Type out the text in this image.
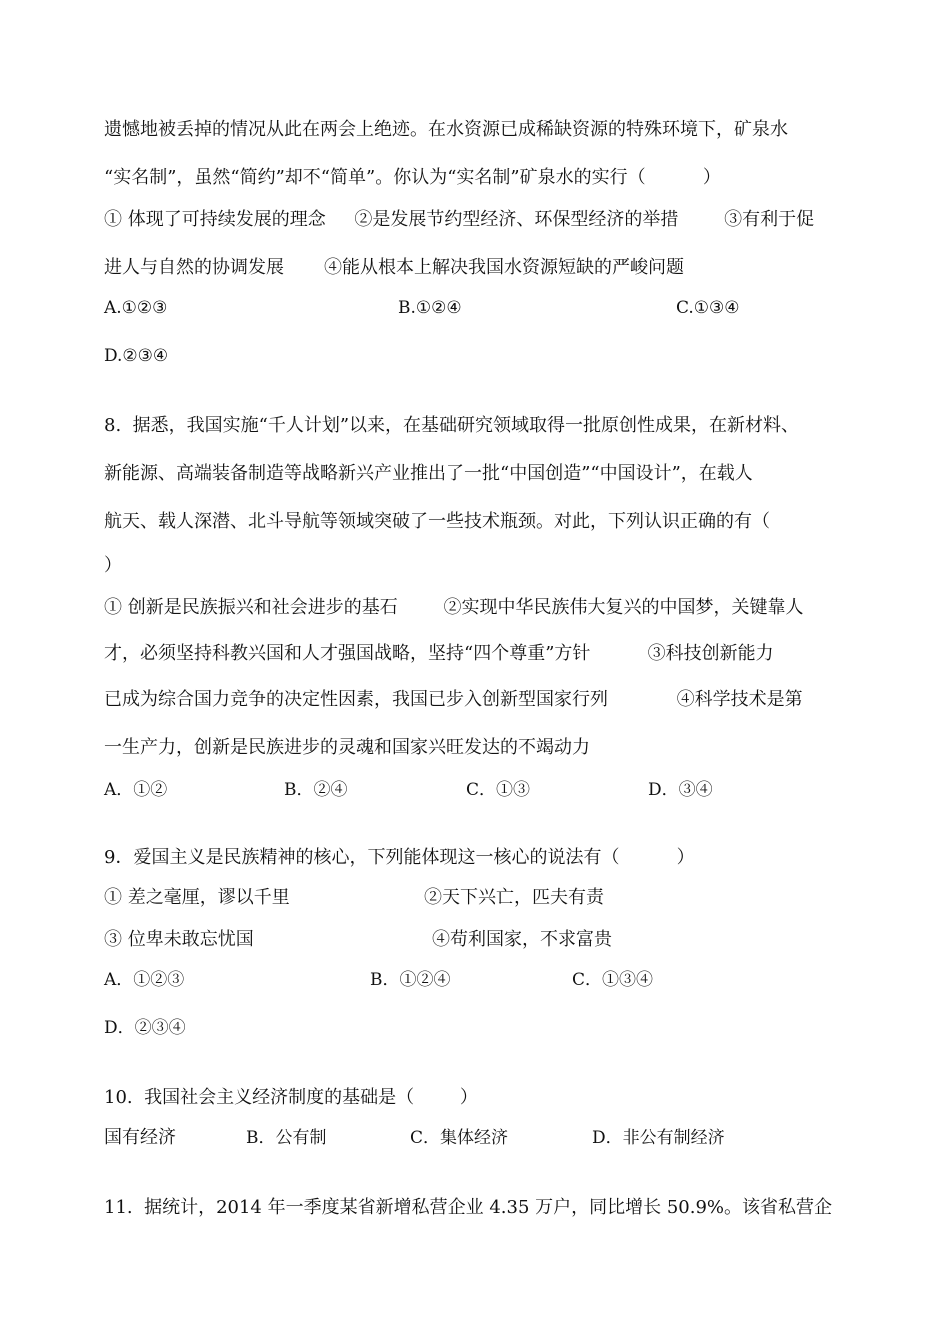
遗憾地被丢掉的情况从此在两会上绝迹。在水资源已成稀缺资源的特殊环境下，矿泉水
“实名制”，虽然“简约”却不“简单”。你认为“实名制”矿泉水的实行（          ）
① 体现了可持续发展的理念     ②是发展节约型经济、环保型经济的举措        ③有利于促
进人与自然的协调发展       ④能从根本上解决我国水资源短缺的严峻问题
A.①②③	B.①②④	C.①③④
D.②③④
8.  据悉，我国实施“千人计划”以来，在基础研究领域取得一批原创性成果，在新材料、
新能源、高端装备制造等战略新兴产业推出了一批“中国创造”“中国设计”，在载人
航天、载人深潜、北斗导航等领域突破了一些技术瓶颈。对此，下列认识正确的有（
）
① 创新是民族振兴和社会进步的基石        ②实现中华民族伟大复兴的中国梦，关键靠人
才，必须坚持科教兴国和人才强国战略，坚持“四个尊重”方针          ③科技创新能力
已成为综合国力竞争的决定性因素，我国已步入创新型国家行列            ④科学技术是第
一生产力，创新是民族进步的灵魂和国家兴旺发达的不竭动力
A．①②	B．②④	C．①③	D．③④
9．爱国主义是民族精神的核心，下列能体现这一核心的说法有（          ）
① 差之毫厘，谬以千里	②天下兴亡，匹夫有责
③ 位卑未敢忘忧国	④苟利国家，不求富贵
A．①②③	B．①②④	C．①③④
D．②③④
10.  我国社会主义经济制度的基础是（        ）
国有经济	B．公有制	C．集体经济	D．非公有制经济
11.  据统计，2014 年一季度某省新增私营企业 4.35 万户，同比增长 50.9%。该省私营企
